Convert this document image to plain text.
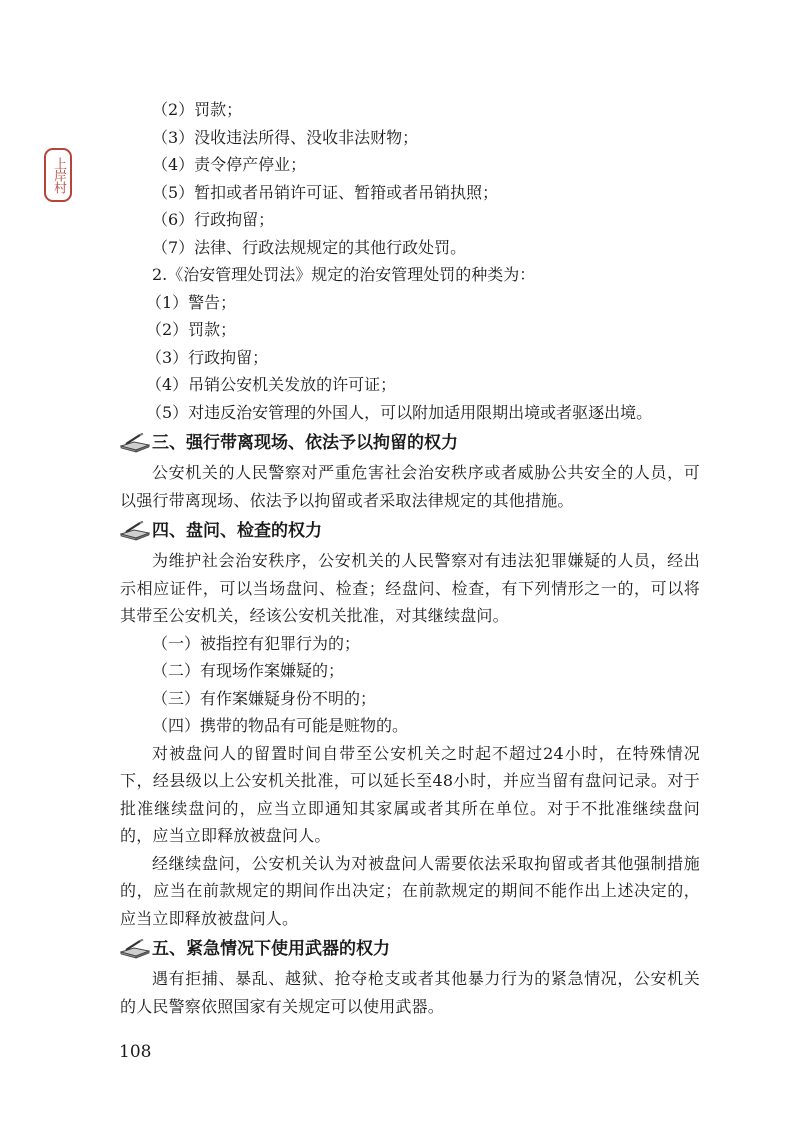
上岸村
（2）罚款；
（3）没收违法所得、没收非法财物；
（4）责令停产停业；
（5）暂扣或者吊销许可证、暂箝或者吊销执照；
（6）行政拘留；
（7）法律、行政法规规定的其他行政处罚。
2.《治安管理处罚法》规定的治安管理处罚的种类为：
（1）警告；
（2）罚款；
（3）行政拘留；
（4）吊销公安机关发放的许可证；
（5）对违反治安管理的外国人，可以附加适用限期出境或者驱逐出境。
三、强行带离现场、依法予以拘留的权力
公安机关的人民警察对严重危害社会治安秩序或者威胁公共安全的人员，可以强行带离现场、依法予以拘留或者采取法律规定的其他措施。
四、盘问、检查的权力
为维护社会治安秩序，公安机关的人民警察对有违法犯罪嫌疑的人员，经出示相应证件，可以当场盘问、检查；经盘问、检查，有下列情形之一的，可以将其带至公安机关，经该公安机关批准，对其继续盘问。
（一）被指控有犯罪行为的；
（二）有现场作案嫌疑的；
（三）有作案嫌疑身份不明的；
（四）携带的物品有可能是赃物的。
对被盘问人的留置时间自带至公安机关之时起不超过24小时，在特殊情况下，经县级以上公安机关批准，可以延长至48小时，并应当留有盘问记录。对于批准继续盘问的，应当立即通知其家属或者其所在单位。对于不批准继续盘问的，应当立即释放被盘问人。
经继续盘问，公安机关认为对被盘问人需要依法采取拘留或者其他强制措施的，应当在前款规定的期间作出决定；在前款规定的期间不能作出上述决定的，应当立即释放被盘问人。
五、紧急情况下使用武器的权力
遇有拒捕、暴乱、越狱、抢夺枪支或者其他暴力行为的紧急情况，公安机关的人民警察依照国家有关规定可以使用武器。
108
